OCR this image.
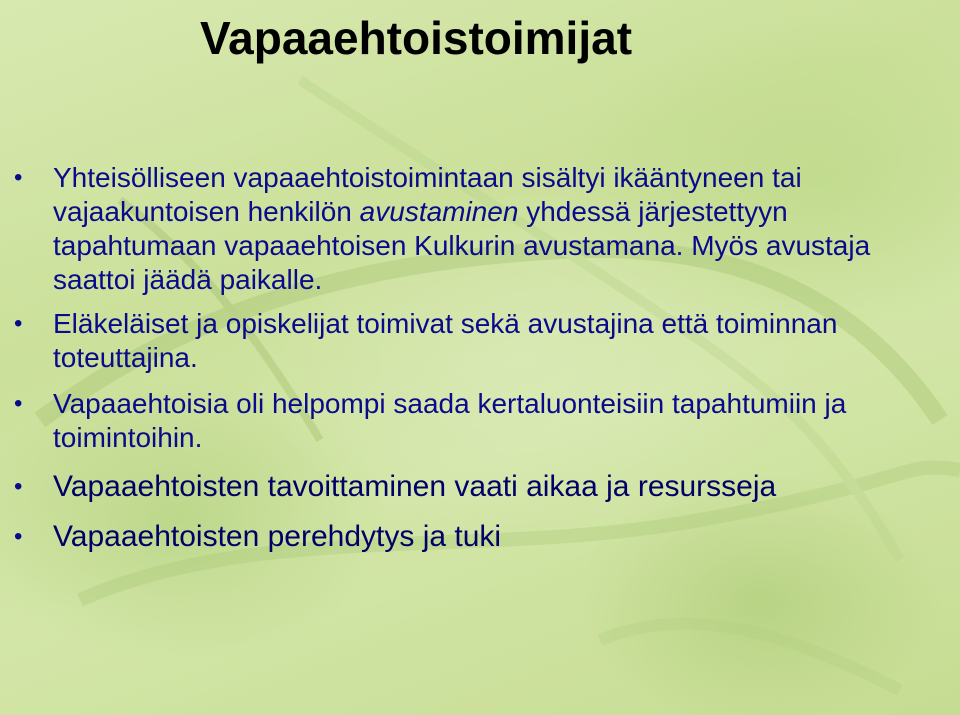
Vapaaehtoistoimijat
•	Yhteisölliseen vapaaehtoistoimintaan sisältyi ikääntyneen tai vajaakuntoisen henkilön avustaminen yhdessä järjestettyyn tapahtumaan vapaaehtoisen Kulkurin avustamana. Myös avustaja saattoi jäädä paikalle.
•	Eläkeläiset ja opiskelijat toimivat sekä avustajina että toiminnan toteuttajina.
•	Vapaaehtoisia oli helpompi saada kertaluonteisiin tapahtumiin ja toimintoihin.
•	Vapaaehtoisten tavoittaminen vaati aikaa ja resursseja
•	Vapaaehtoisten perehdytys ja tuki
